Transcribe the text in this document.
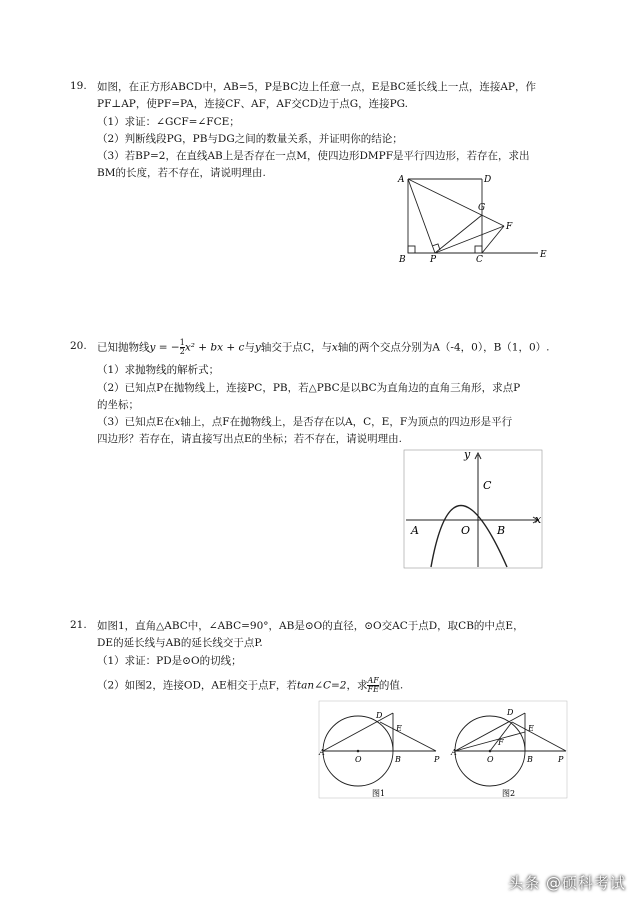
19. 如图，在正方形ABCD中，AB=5，P是BC边上任意一点，E是BC延长线上一点，连接AP，作
PF⊥AP，使PF=PA，连接CF、AF，AF交CD边于点G，连接PG.
（1）求证：∠GCF=∠FCE；
（2）判断线段PG，PB与DG之间的数量关系，并证明你的结论；
（3）若BP=2，在直线AB上是否存在一点M，使四边形DMPF是平行四边形，若存在，求出
BM的长度，若不存在，请说明理由.
A	D
G
F
B	P	C	E
20. 已知抛物线y = − $\frac{1}{2} x^2$ + bx + c与y轴交于点C，与x轴的两个交点分别为A（-4，0），B（1，0）.
（1）求抛物线的解析式；
（2）已知点P在抛物线上，连接PC，PB，若△PBC是以BC为直角边的直角三角形，求点P
的坐标；
（3）已知点E在x轴上，点F在抛物线上，是否存在以A，C，E，F为顶点的四边形是平行
四边形？若存在，请直接写出点E的坐标；若不存在，请说明理由.
y
x
C
A	O B
21. 如图1，直角△ABC中，∠ABC=90°，AB是⊙O的直径，⊙O交AC于点D，取CB的中点E，
DE的延长线与AB的延长线交于点P.
（1）求证：PD是⊙O的切线；
（2）如图2，连接OD，AE相交于点F，若tan∠C=2，求 $\frac{AF}{FE}$ 的值.
A
D
E
O	B	P
图1
A
D
E
F
O	B	P
图2
头条 @硕科考试
